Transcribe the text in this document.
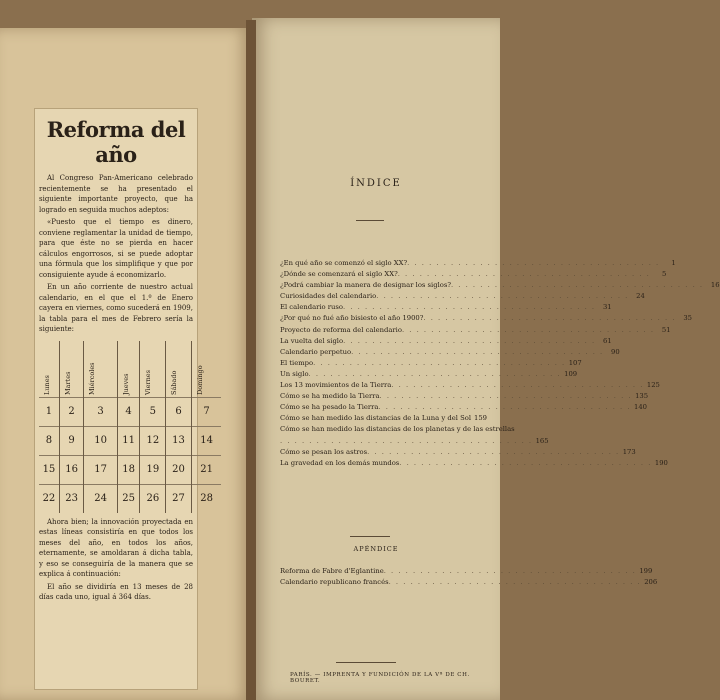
Reforma del año

Al Congreso Pan-Americano celebrado recientemente se ha presentado el siguiente importante proyecto, que ha logrado en seguida muchos adeptos:

«Puesto que el tiempo es dinero, conviene reglamentar la unidad de tiempo, para que éste no se pierda en hacer cálculos engorrosos, si se puede adoptar una fórmula que los simplifique y que por consiguiente ayude á economizarlo.

En un año corriente de nuestro actual calendario, en el que el 1.º de Enero cayera en viernes, como sucederá en 1909, la tabla para el mes de Febrero sería la siguiente:

Lunes	Martes	Miércoles	Jueves	Viernes	Sábado	Domingo
1	2	3	4	5	6	7
8	9	10	11	12	13	14
15	16	17	18	19	20	21
22	23	24	25	26	27	28

Ahora bien; la innovación proyectada en estas líneas consistiría en que todos los meses del año, en todos los años, eternamente, se amoldaran á dicha tabla, y eso se conseguiría de la manera que se explica á continuación:

El año se dividiría en 13 meses de 28 días cada uno, igual á 364 días.

ÍNDICE
¿En qué año se comenzó el siglo XX? . . . . . . . . . . . . . . . . . . . . . . . . . . . . . . . . . . .	1
¿Dónde se comenzará el siglo XX? . . . . . . . . . . . . . . . . . . . . . . . . . . . . . . . . . . .	5
¿Podrá cambiar la manera de designar los siglos? . . . . . . . . . . . . . . . . . . . . . . . . . . . . . . . . . . .	16
Curiosidades del calendario . . . . . . . . . . . . . . . . . . . . . . . . . . . . . . . . . . .	24
El calendario ruso . . . . . . . . . . . . . . . . . . . . . . . . . . . . . . . . . . .	31
¿Por qué no fué año bisiesto el año 1900? . . . . . . . . . . . . . . . . . . . . . . . . . . . . . . . . . . .	35
Proyecto de reforma del calendario . . . . . . . . . . . . . . . . . . . . . . . . . . . . . . . . . . .	51
La vuelta del siglo . . . . . . . . . . . . . . . . . . . . . . . . . . . . . . . . . . .	61
Calendario perpetuo . . . . . . . . . . . . . . . . . . . . . . . . . . . . . . . . . . .	90
El tiempo . . . . . . . . . . . . . . . . . . . . . . . . . . . . . . . . . . . 107
Un siglo . . . . . . . . . . . . . . . . . . . . . . . . . . . . . . . . . . . 109
Los 13 movimientos de la Tierra . . . . . . . . . . . . . . . . . . . . . . . . . . . . . . . . . . . 125
Cómo se ha medido la Tierra . . . . . . . . . . . . . . . . . . . . . . . . . . . . . . . . . . . 135
Cómo se ha pesado la Tierra . . . . . . . . . . . . . . . . . . . . . . . . . . . . . . . . . . . 140
Cómo se han medido las distancias de la Luna y del Sol 159
Cómo se han medido las distancias de los planetas y de las estrellas
. . . . . . . . . . . . . . . . . . . . . . . . . . . . . . . . . . . 165
Cómo se pesan los astros . . . . . . . . . . . . . . . . . . . . . . . . . . . . . . . . . . . 173
La gravedad en los demás mundos . . . . . . . . . . . . . . . . . . . . . . . . . . . . . . . . . . . 190
APÉNDICE
Reforma de Fabre d'Eglantine . . . . . . . . . . . . . . . . . . . . . . . . . . . . . . . . . . . 199
Calendario republicano francés . . . . . . . . . . . . . . . . . . . . . . . . . . . . . . . . . . . 206
PARÍS. — IMPRENTA Y FUNDICIÓN DE LA Vª DE CH. BOURET.
